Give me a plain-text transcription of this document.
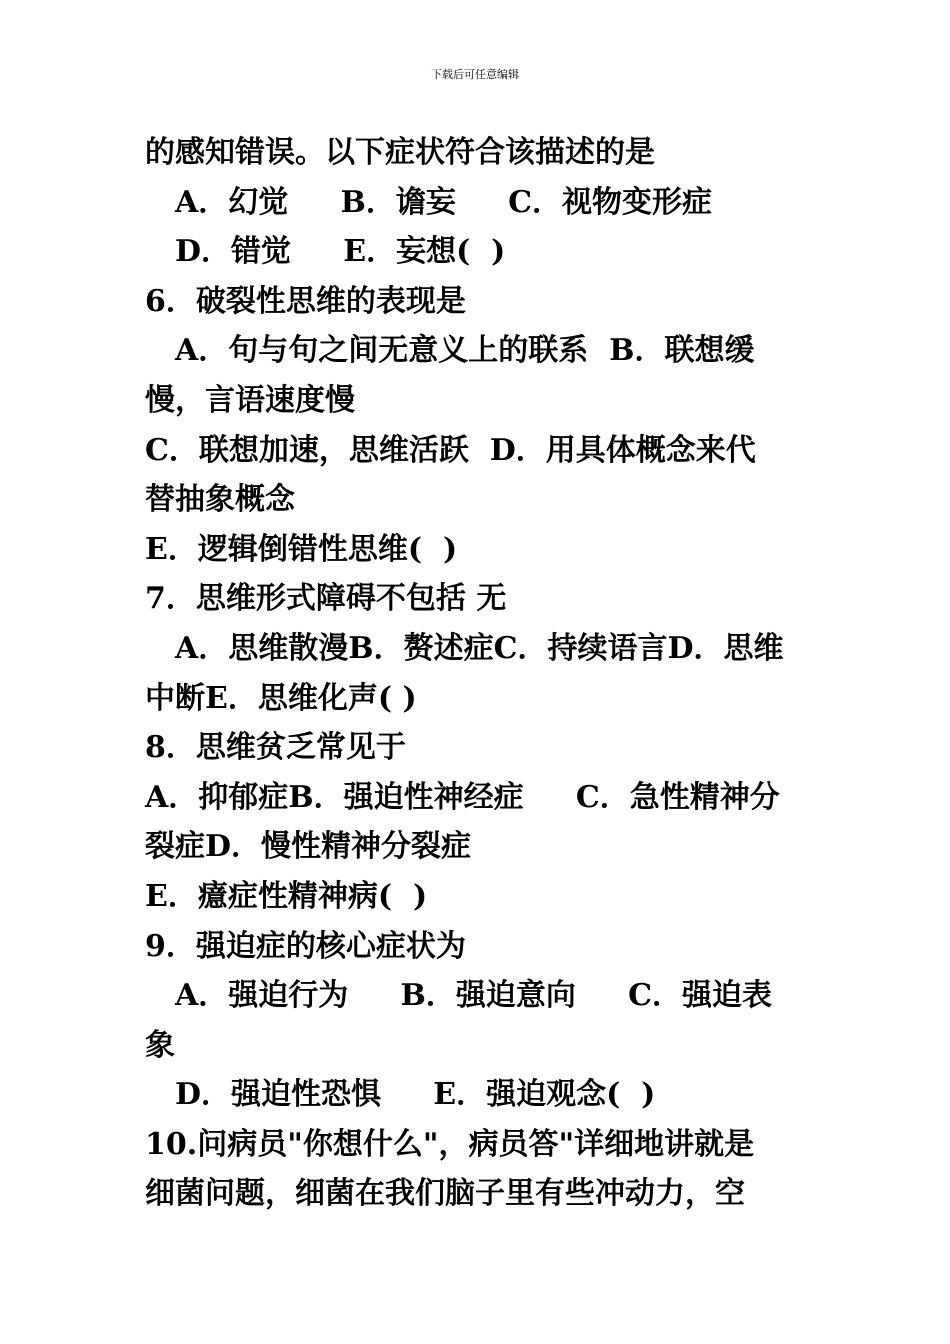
下载后可任意编辑
的感知错误。以下症状符合该描述的是
A．幻觉     B．谵妄     C．视物变形症
D．错觉     E．妄想(  )
6．破裂性思维的表现是
A．句与句之间无意义上的联系  B．联想缓
慢，言语速度慢
C．联想加速，思维活跃  D．用具体概念来代
替抽象概念
E．逻辑倒错性思维(  )
7．思维形式障碍不包括 无
A．思维散漫B．赘述症C．持续语言D．思维
中断E．思维化声( )
8．思维贫乏常见于
A．抑郁症B．强迫性神经症     C．急性精神分
裂症D．慢性精神分裂症
E．癔症性精神病(  )
9．强迫症的核心症状为
A．强迫行为     B．强迫意向     C．强迫表
象
D．强迫性恐惧     E．强迫观念(  )
10.问病员"你想什么"，病员答"详细地讲就是
细菌问题，细菌在我们脑子里有些冲动力，空
